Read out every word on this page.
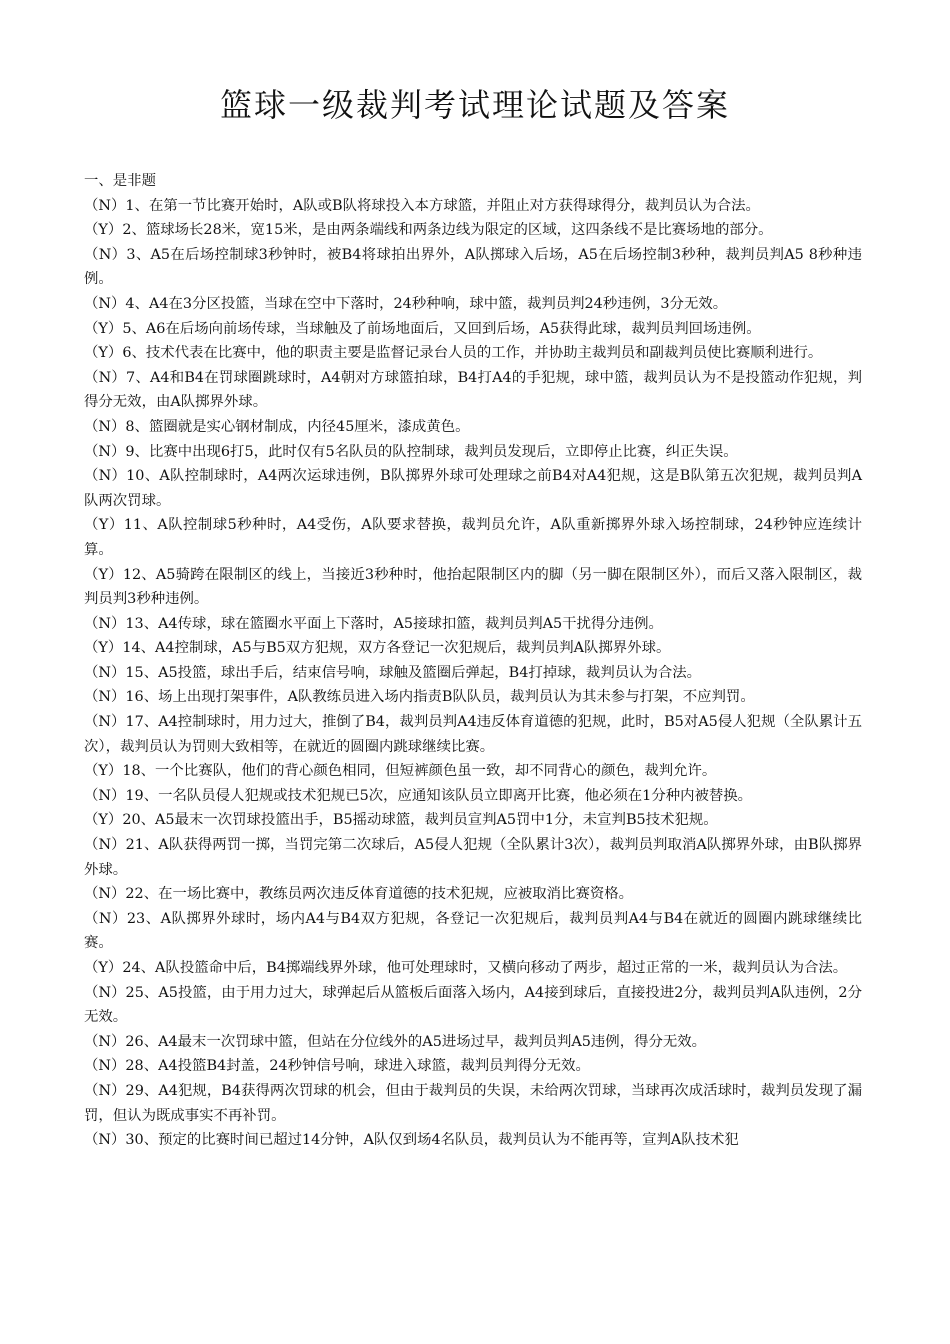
篮球一级裁判考试理论试题及答案

一、是非题

（ N ） 1、在第一节比赛开始时，A队或B队将球投入本方球篮，并阻止对方获得球得分，裁判员认为合法。

（ Y ） 2、篮球场长28米，宽15米，是由两条端线和两条边线为限定的区域，这四条线不是比赛场地的部分。

（ N ） 3、A5在后场控制球3秒钟时，被B4将球拍出界外，A队掷球入后场，A5在后场控制3秒种，裁判员判A5 8秒种违例。

（ N ） 4、A4在3分区投篮，当球在空中下落时，24秒种响，球中篮，裁判员判24秒违例，3分无效。

（ Y ） 5、A6在后场向前场传球，当球触及了前场地面后，又回到后场，A5获得此球，裁判员判回场违例。

（ Y ） 6、技术代表在比赛中，他的职责主要是监督记录台人员的工作，并协助主裁判员和副裁判员使比赛顺利进行。

（ N ） 7、A4和B4在罚球圈跳球时，A4朝对方球篮拍球，B4打A4的手犯规，球中篮，裁判员认为不是投篮动作犯规，判得分无效，由A队掷界外球。

（ N ） 8、篮圈就是实心钢材制成，内径45厘米，漆成黄色。

（ N ） 9、比赛中出现6打5，此时仅有5名队员的队控制球，裁判员发现后，立即停止比赛，纠正失误。

（ N ） 10、A队控制球时，A4两次运球违例，B队掷界外球可处理球之前B4对A4犯规，这是B队第五次犯规，裁判员判A队两次罚球。

（ Y ） 11、A队控制球5秒种时，A4受伤，A队要求替换，裁判员允许，A队重新掷界外球入场控制球，24秒钟应连续计算。

（ Y ） 12、A5骑跨在限制区的线上，当接近3秒种时，他抬起限制区内的脚（另一脚在限制区外），而后又落入限制区，裁判员判3秒种违例。

（ N ） 13、A4传球，球在篮圈水平面上下落时，A5接球扣篮，裁判员判A5干扰得分违例。

（ Y ） 14、A4控制球，A5与B5双方犯规，双方各登记一次犯规后，裁判员判A队掷界外球。

（ N ） 15、A5投篮，球出手后，结束信号响，球触及篮圈后弹起，B4打掉球，裁判员认为合法。

（ N ） 16、场上出现打架事件，A队教练员进入场内指责B队队员，裁判员认为其未参与打架，不应判罚。

（ N ） 17、A4控制球时，用力过大，推倒了B4，裁判员判A4违反体育道德的犯规，此时，B5对A5侵人犯规（全队累计五次），裁判员认为罚则大致相等，在就近的圆圈内跳球继续比赛。

（ Y ） 18、一个比赛队，他们的背心颜色相同，但短裤颜色虽一致，却不同背心的颜色，裁判允许。

（ N ） 19、一名队员侵人犯规或技术犯规已5次，应通知该队员立即离开比赛，他必须在1分种内被替换。

（ Y ） 20、A5最末一次罚球投篮出手，B5摇动球篮，裁判员宣判A5罚中1分，未宣判B5技术犯规。

（ N ） 21、A队获得两罚一掷，当罚完第二次球后，A5侵人犯规（全队累计3次），裁判员判取消A队掷界外球，由B队掷界外球。

（ N ） 22、在一场比赛中，教练员两次违反体育道德的技术犯规，应被取消比赛资格。

（ N ） 23、A队掷界外球时，场内A4与B4双方犯规，各登记一次犯规后，裁判员判A4与B4在就近的圆圈内跳球继续比赛。

（ Y ） 24、A队投篮命中后，B4掷端线界外球，他可处理球时，又横向移动了两步，超过正常的一米，裁判员认为合法。

（ N ） 25、A5投篮，由于用力过大，球弹起后从篮板后面落入场内，A4接到球后，直接投进2分，裁判员判A队违例，2分无效。

（ N ） 26、A4最末一次罚球中篮，但站在分位线外的A5进场过早，裁判员判A5违例，得分无效。

（ N ） 28、A4投篮B4封盖，24秒钟信号响，球进入球篮，裁判员判得分无效。

（ N ） 29、A4犯规，B4获得两次罚球的机会，但由于裁判员的失误，未给两次罚球，当球再次成活球时，裁判员发现了漏罚，但认为既成事实不再补罚。

（ N ） 30、预定的比赛时间已超过14分钟，A队仅到场4名队员，裁判员认为不能再等，宣判A队技术犯
